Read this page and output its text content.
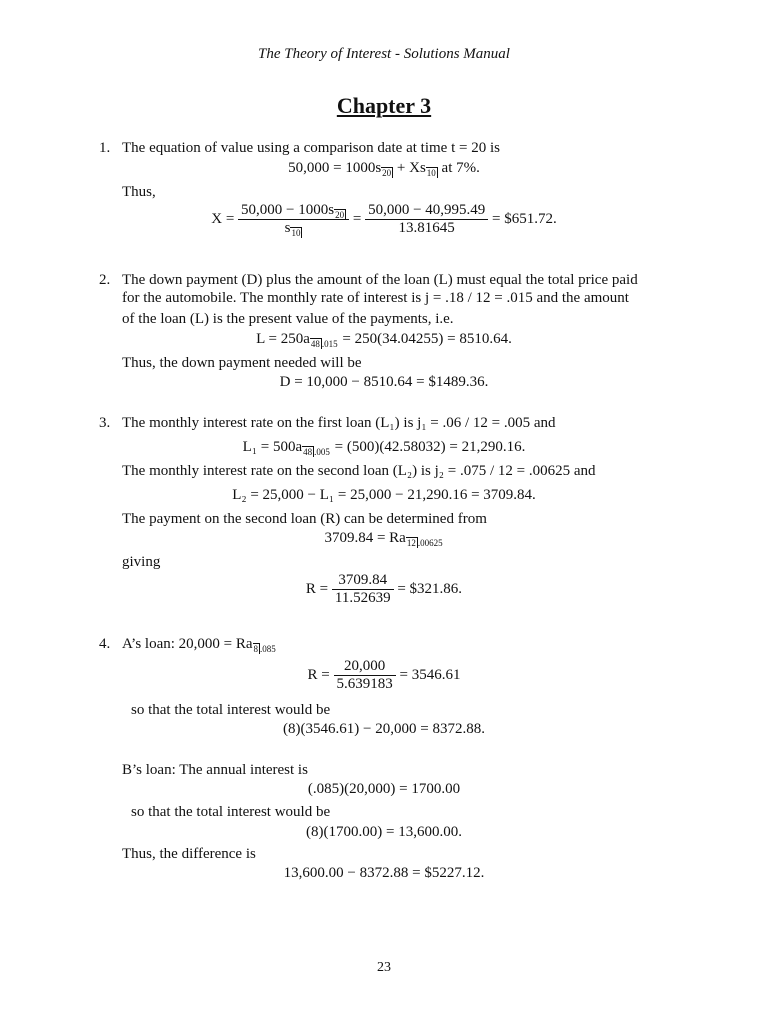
The Theory of Interest - Solutions Manual
Chapter 3
1. The equation of value using a comparison date at time t = 20 is
$50,000 = 1000s_{20} + Xs_{10}$ at 7%.
Thus,
$X = \frac{50,000 - 1000s_{20}}{s_{10}} = \frac{50,000 - 40,995.49}{13.81645}$ = $651.72.
2. The down payment (D) plus the amount of the loan (L) must equal the total price paid
for the automobile. The monthly rate of interest is j = .18 / 12 = .015 and the amount
of the loan (L) is the present value of the payments, i.e.
$L = 250a_{48}$ $_{.015}$ = 250(34.04255) = 8510.64.
Thus, the down payment needed will be
D = 10,000 − 8510.64 = $1489.36.
3. The monthly interest rate on the first loan (L₁) is j₁ = .06 / 12 = .005 and
$L_1 = 500a_{48}$ $_{.005}$ = (500)(42.58032) = 21,290.16.
The monthly interest rate on the second loan (L₂) is j₂ = .075 / 12 = .00625 and
L₂ = 25,000 − L₁ = 25,000 − 21,290.16 = 3709.84.
The payment on the second loan (R) can be determined from
$3709.84 = Ra_{12}$ $_{.00625}$
giving
$R = \frac{3709.84}{11.52639}$ = $321.86.
4. A’s loan: $20,000 = Ra_8$ $_{.085}$
$R = \frac{20,000}{5.639183} = 3546.61$
so that the total interest would be
(8)(3546.61) − 20,000 = 8372.88.
B’s loan: The annual interest is
(.085)(20,000) = 1700.00
so that the total interest would be
(8)(1700.00) = 13,600.00.
Thus, the difference is
13,600.00 − 8372.88 = $5227.12.
23
